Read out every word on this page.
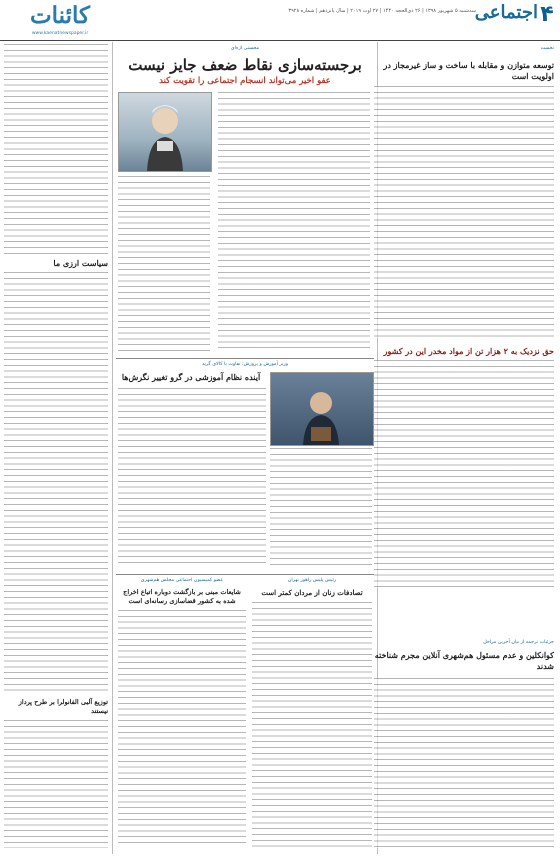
۴
اجتماعی
سه‌شنبه ۵ شهریور ۱۳۹۸ | ۲۶ ذی‌الحجه ۱۴۴۰ | ۲۷ اوت ۲۰۱۹ | سال پانزدهم | شماره ۳۹۲۸
کائنات
www.kaenatnewspaper.ir
نخست
توسعه متوازن و مقابله با ساخت و ساز غیرمجاز در اولویت است
حق نزدیک به ۲ هزار تن از مواد مخدر این در کشور
جزئیات ترجمه از بیان آخرین مراحل
کوانکلین و عدم مسئول هم‌شهری آنلاین مجرم شناخته شدند
محسنی اژه‌ای
برجسته‌سازی نقاط ضعف جایز نیست
عفو اخیر می‌تواند انسجام اجتماعی را تقویت کند
وزیر آموزش و پرورش: تفاوت با کالای گرید
آینده نظام آموزشی در گرو تغییر نگرش‌ها
رئیس پلیس راهور تهران
تصادفات زنان از مردان کمتر است
عضو کمیسیون اجتماعی مجلس هم‌شهری
شایعات مبنی بر بازگشت دوباره اتباع اخراج شده به کشور قضاسازی رسانه‌ای است
سیاست ارزی ما
توزیع آلبی الفانولرا بر طرح پرداز نیستند
